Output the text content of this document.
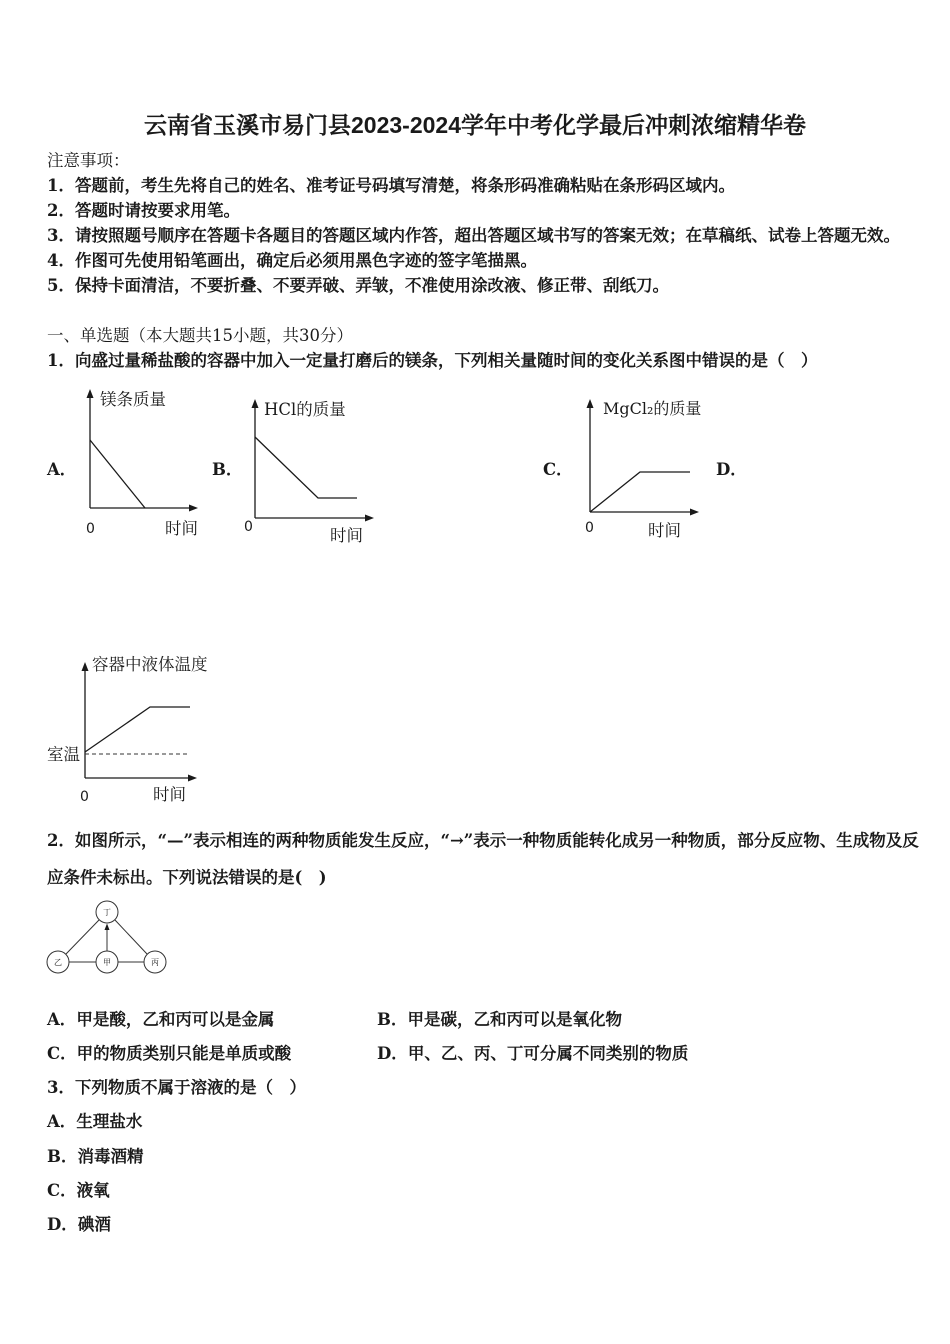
云南省玉溪市易门县2023-2024学年中考化学最后冲刺浓缩精华卷
注意事项：
1．答题前，考生先将自己的姓名、准考证号码填写清楚，将条形码准确粘贴在条形码区域内。
2．答题时请按要求用笔。
3．请按照题号顺序在答题卡各题目的答题区域内作答，超出答题区域书写的答案无效；在草稿纸、试卷上答题无效。
4．作图可先使用铅笔画出，确定后必须用黑色字迹的签字笔描黑。
5．保持卡面清洁，不要折叠、不要弄破、弄皱，不准使用涂改液、修正带、刮纸刀。
一、单选题（本大题共15小题，共30分）
1．向盛过量稀盐酸的容器中加入一定量打磨后的镁条，下列相关量随时间的变化关系图中错误的是（　）
A．	B．	C．	D．
镁条质量
0	时间
HCl的质量
0	时间
MgCl₂的质量
0	时间
容器中液体温度
室温
0	时间
2．如图所示，“—”表示相连的两种物质能发生反应，“→”表示一种物质能转化成另一种物质，部分反应物、生成物及反
应条件未标出。下列说法错误的是(　)
丁
乙	甲	丙
A．甲是酸，乙和丙可以是金属	B．甲是碳，乙和丙可以是氧化物
C．甲的物质类别只能是单质或酸	D．甲、乙、丙、丁可分属不同类别的物质
3．下列物质不属于溶液的是（　）
A．生理盐水
B．消毒酒精
C．液氧
D．碘酒
